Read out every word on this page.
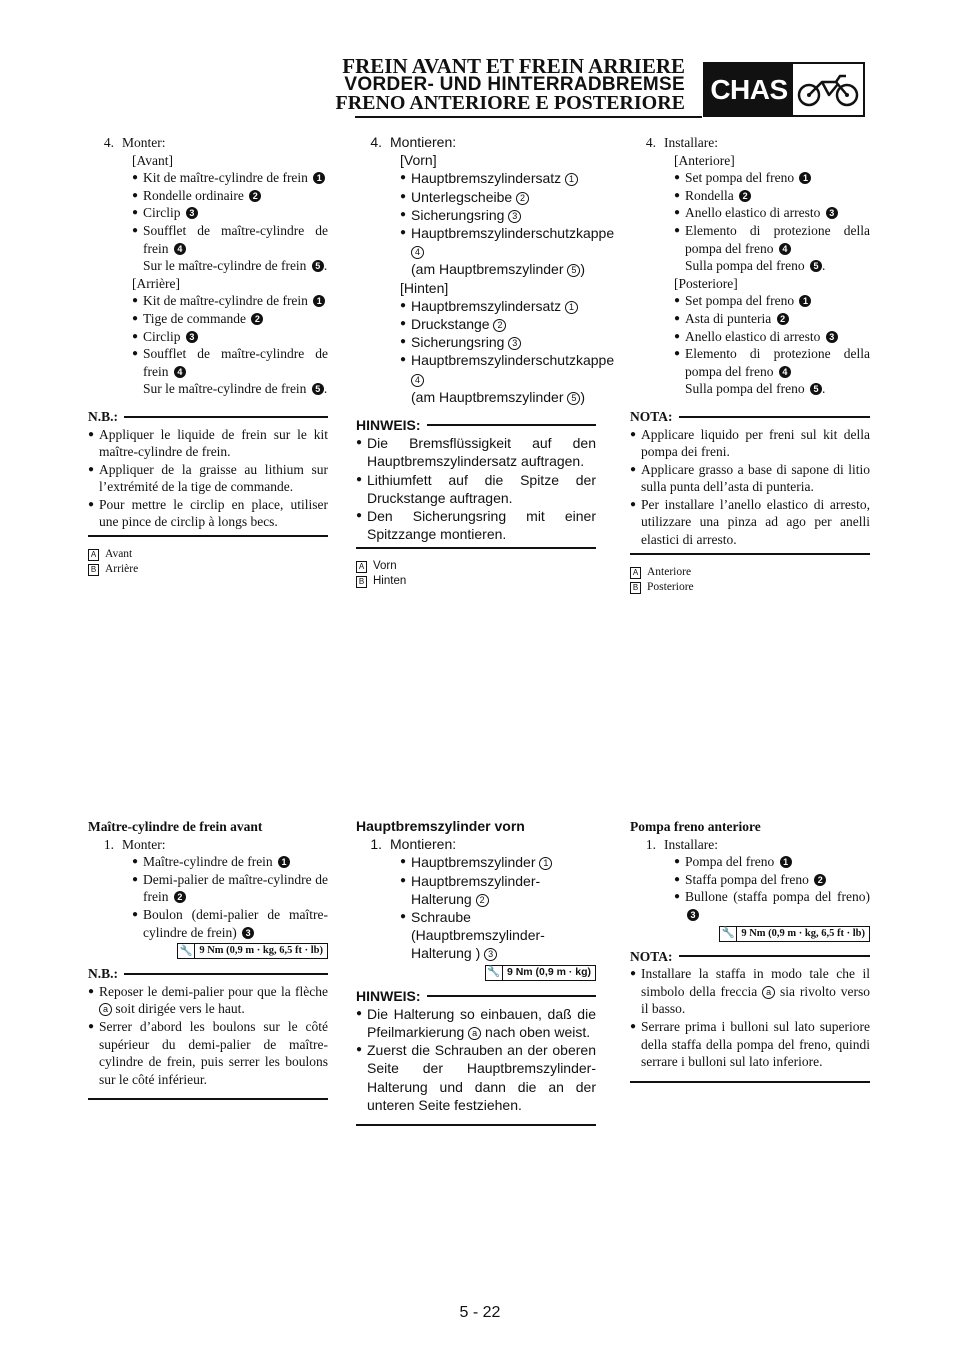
FREIN AVANT ET FREIN ARRIERE
VORDER- UND HINTERRADBREMSE
FRENO ANTERIORE E POSTERIORE CHAS

4. Monter:

[Avant]
● Kit de maître-cylindre de frein 1
● Rondelle ordinaire 2
● Circlip 3
● Soufflet de maître-cylindre de frein 4
Sur le maître-cylindre de frein 5 .
[Arrière]
● Kit de maître-cylindre de frein 1
● Tige de commande 2
● Circlip 3
● Soufflet de maître-cylindre de frein 4
Sur le maître-cylindre de frein 5 .
N.B.:
● Appliquer le liquide de frein sur le kit maître-cylindre de frein.
● Appliquer de la graisse au lithium sur l’extrémité de la tige de commande.
● Pour mettre le circlip en place, utiliser une pince de circlip à longs becs.
A Avant
B Arrière

4. Montieren:

[Vorn]
● Hauptbremszylindersatz 1
● Unterlegscheibe 2
● Sicherungsring 3
● Hauptbremszylinderschutzkappe 4
(am Hauptbremszylinder 5 )
[Hinten]
● Hauptbremszylindersatz 1
● Druckstange 2
● Sicherungsring 3
● Hauptbremszylinderschutzkappe 4
(am Hauptbremszylinder 5 )
HINWEIS:
● Die Bremsflüssigkeit auf den Hauptbremszylindersatz auftragen.
● Lithiumfett auf die Spitze der Druckstange auftragen.
● Den Sicherungsring mit einer Spitzzange montieren.
A Vorn
B Hinten

4. Installare:

[Anteriore]
● Set pompa del freno 1
● Rondella 2
● Anello elastico di arresto 3
● Elemento di protezione della pompa del freno 4
Sulla pompa del freno 5 .
[Posteriore]
● Set pompa del freno 1
● Asta di punteria 2
● Anello elastico di arresto 3
● Elemento di protezione della pompa del freno 4
Sulla pompa del freno 5 .
NOTA:
● Applicare liquido per freni sul kit della pompa dei freni.
● Applicare grasso a base di sapone di litio sulla punta dell’asta di punteria.
● Per installare l’anello elastico di arresto, utilizzare una pinza ad ago per anelli elastici di arresto.
A Anteriore
B Posteriore
Maître-cylindre de frein avant

1. Monter:

● Maître-cylindre de frein 1
● Demi-palier de maître-cylindre de frein 2
● Boulon (demi-palier de maître-cylindre de frein) 3
🔧 9 Nm (0,9 m · kg, 6,5 ft · lb)
N.B.:
● Reposer le demi-palier pour que la flèche a soit dirigée vers le haut.
● Serrer d’abord les boulons sur le côté supérieur du demi-palier de maître-cylindre de frein, puis serrer les boulons sur le côté inférieur.
Hauptbremszylinder vorn

1. Montieren:

● Hauptbremszylinder 1
● Hauptbremszylinder-Halterung 2
● Schraube (Hauptbremszylinder-Halterung ) 3
🔧 9 Nm (0,9 m · kg)
HINWEIS:
● Die Halterung so einbauen, daß die Pfeilmarkierung a nach oben weist.
● Zuerst die Schrauben an der oberen Seite der Hauptbremszylinder-Halterung und dann die an der unteren Seite festziehen.
Pompa freno anteriore

1. Installare:

● Pompa del freno 1
● Staffa pompa del freno 2
● Bullone (staffa pompa del freno) 3
🔧 9 Nm (0,9 m · kg, 6,5 ft · lb)
NOTA:
● Installare la staffa in modo tale che il simbolo della freccia a sia rivolto verso il basso.
● Serrare prima i bulloni sul lato superiore della staffa della pompa del freno, quindi serrare i bulloni sul lato inferiore.
5 - 22
